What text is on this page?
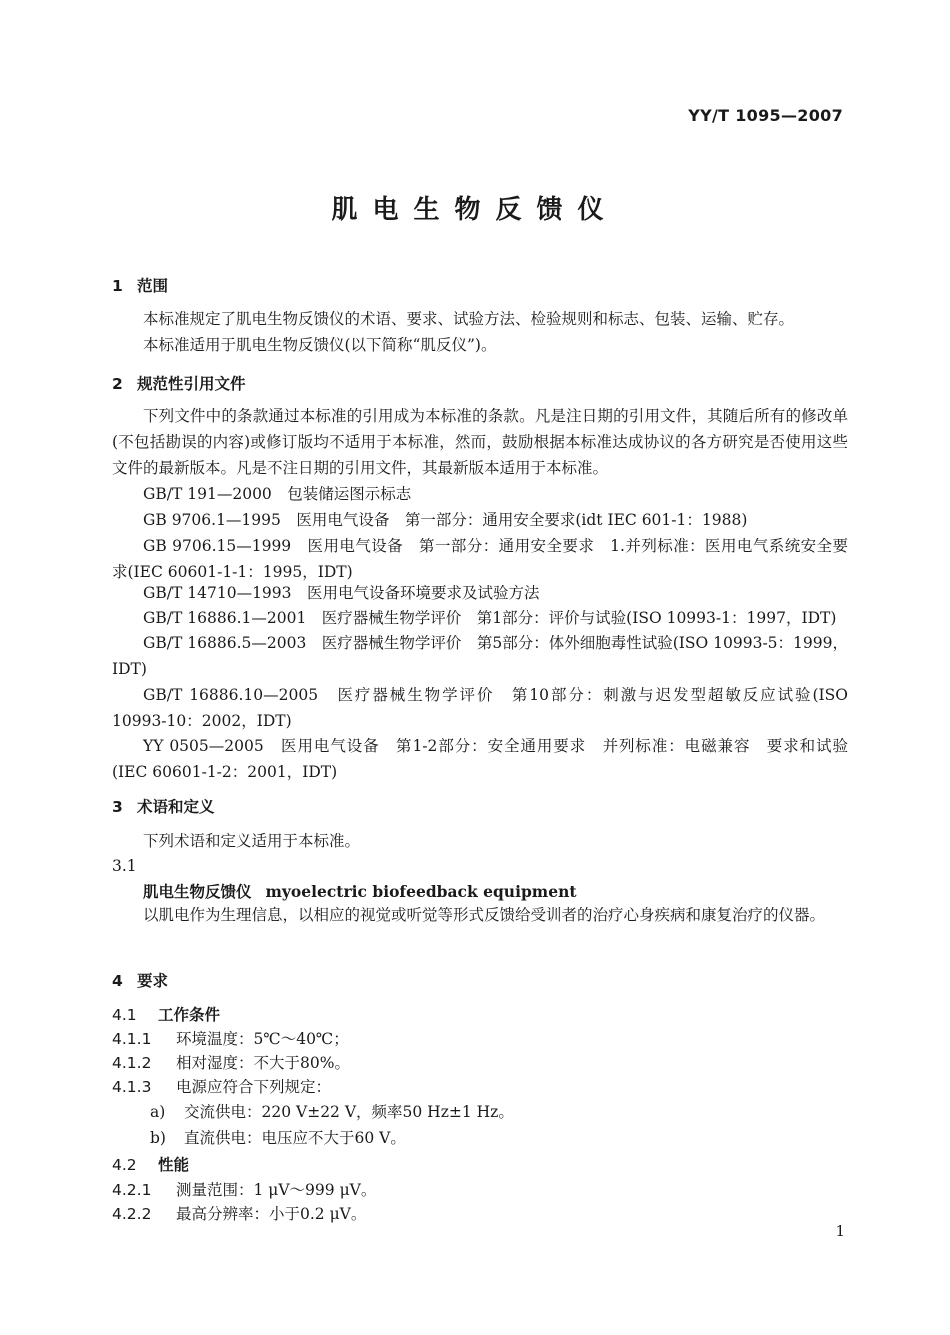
YY/T 1095—2007
肌电生物反馈仪
1 范围
本标准规定了肌电生物反馈仪的术语、要求、试验方法、检验规则和标志、包装、运输、贮存。
本标准适用于肌电生物反馈仪(以下简称“肌反仪”)。
2 规范性引用文件
下列文件中的条款通过本标准的引用成为本标准的条款。凡是注日期的引用文件，其随后所有的修改单(不包括勘误的内容)或修订版均不适用于本标准，然而，鼓励根据本标准达成协议的各方研究是否使用这些文件的最新版本。凡是不注日期的引用文件，其最新版本适用于本标准。
GB/T 191—2000　包装储运图示标志
GB 9706.1—1995　医用电气设备　第一部分：通用安全要求(idt IEC 601-1：1988)
GB 9706.15—1999　医用电气设备　第一部分：通用安全要求　1.并列标准：医用电气系统安全要求(IEC 60601-1-1：1995，IDT)
GB/T 14710—1993　医用电气设备环境要求及试验方法
GB/T 16886.1—2001　医疗器械生物学评价　第1部分：评价与试验(ISO 10993-1：1997，IDT)
GB/T 16886.5—2003　医疗器械生物学评价　第5部分：体外细胞毒性试验(ISO 10993-5：1999，IDT)
GB/T 16886.10—2005　医疗器械生物学评价　第10部分：刺激与迟发型超敏反应试验(ISO 10993-10：2002，IDT)
YY 0505—2005　医用电气设备　第1-2部分：安全通用要求　并列标准：电磁兼容　要求和试验(IEC 60601-1-2：2001，IDT)
3 术语和定义
下列术语和定义适用于本标准。
3.1
肌电生物反馈仪 myoelectric biofeedback equipment
以肌电作为生理信息，以相应的视觉或听觉等形式反馈给受训者的治疗心身疾病和康复治疗的仪器。
4 要求
4.1 工作条件
4.1.1 环境温度：5℃～40℃；
4.1.2 相对湿度：不大于80%。
4.1.3 电源应符合下列规定：
a) 交流供电：220 V±22 V，频率50 Hz±1 Hz。
b) 直流供电：电压应不大于60 V。
4.2 性能
4.2.1 测量范围：1 μV～999 μV。
4.2.2 最高分辨率：小于0.2 μV。
1
